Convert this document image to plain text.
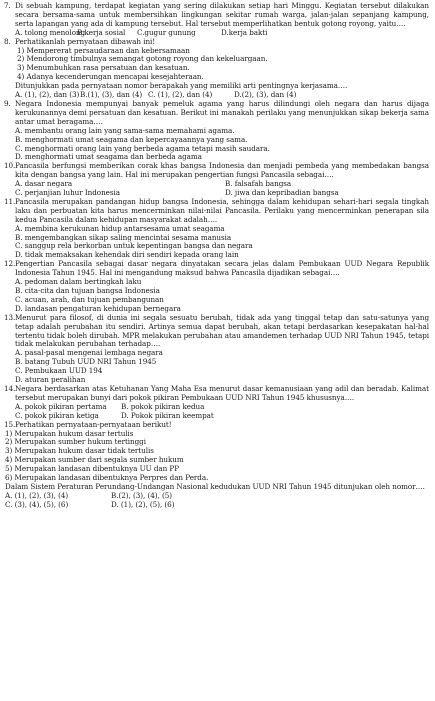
7. Di sebuah kampung, terdapat kegiatan yang sering dilakukan setiap hari Minggu. Kegiatan tersebut dilakukan secara bersama-sama untuk membersihkan lingkungan sekitar rumah warga, jalan-jalan sepanjang kampung, serta lapangan yang ada di kampung tersebut. Hal tersebut memperlihatkan bentuk gotong royong, yaitu….
A. tolong menolong
B.kerja sosial	C.gugur gunung	D.kerja bakti
8. Perhatikanlah pernyataan dibawah ini!
1) Mempererat persaudaraan dan kebersamaan
2) Mendorong timbulnya semangat gotong royong dan kekeluargaan.
3) Menumbuhkan rasa persatuan dan kesatuan.
4) Adanya kecenderungan mencapai kesejahteraan.
Ditunjukkan pada pernyataan nomor berapakah yang memiliki arti pentingnya kerjasama….
A. (1), (2), dan (3) B.(1), (3), dan (4) C. (1), (2), dan (4)	D.(2), (3), dan (4)
9. Negara Indonesia mempunyai banyak pemeluk agama yang harus dilindungi oleh negara dan harus dijaga kerukunannya demi persatuan dan kesatuan. Berikut ini manakah perilaku yang menunjukkan sikap bekerja sama antar umat beragama….
A. membantu orang lain yang sama-sama memahami agama.
B. menghormati umat seagama dan kepercayaannya yang sama.
C. menghormati orang lain yang berbeda agama tetapi masih saudara.
D. menghormati umat seagama dan berbeda agama
10. Pancasila berfungsi memberikan corak khas bangsa Indonesia dan menjadi pembeda yang membedakan bangsa kita dengan bangsa yang lain. Hal ini merupakan pengertian fungsi Pancasila sebagai….
A. dasar negara	B. falsafah bangsa
C. perjanjian luhur Indonesia	D. jiwa dan kepribadian bangsa
11. Pancasila merupakan pandangan hidup bangsa Indonesia, sehingga dalam kehidupan sehari-hari segala tingkah laku dan perbuatan kita harus mencerminkan nilai-nilai Pancasila. Perilaku yang mencerminkan penerapan sila kedua Pancasila dalam kehidupan masyarakat adalah….
A. membina kerukunan hidup antarsesama umat seagama
B. mengembangkan sikap saling mencintai sesama manusia
C. sanggup rela berkorban untuk kepentingan bangsa dan negara
D. tidak memaksakan kehendak diri sendiri kepada orang lain
12. Pengertian Pancasila sebagai dasar negara dinyatakan secara jelas dalam Pembukaan UUD Negara Republik Indonesia Tahun 1945. Hal ini mengandung maksud bahwa Pancasila dijadikan sebagai….
A. pedoman dalam bertingkah laku
B. cita-cita dan tujuan bangsa Indonesia
C. acuan, arah, dan tujuan pembangunan
D. landasan pengaturan kehidupan bernegara
13. Menurut para filosof, di dunia ini segala sesuatu berubah, tidak ada yang tinggal tetap dan satu-satunya yang tetap adalah perubahan itu sendiri. Artinya semua dapat berubah, akan tetapi berdasarkan kesepakatan hal-hal tertentu tidak boleh dirubah. MPR melakukan perubahan atau amandemen terhadap UUD NRI Tahun 1945, tetapi tidak melakukan perubahan terhadap….
A. pasal-pasal mengenai lembaga negara
B. batang Tubuh UUD NRI Tahun 1945
C. Pembukaan UUD 194
D. aturan peralihan
14. Negara berdasarkan atas Ketuhanan Yang Maha Esa menurut dasar kemanusiaan yang adil dan beradab. Kalimat tersebut merupakan bunyi dari pokok pikiran Pembukaan UUD NRI Tahun 1945 khususnya….
A. pokok pikiran pertama	B. pokok pikiran kedua
C. pokok pikiran ketiga	D. Pokok pikiran keempat
15. Perhatikan pernyataan-pernyataan berikut!
1) Merupakan hukum dasar tertulis
2) Merupakan sumber hukum tertinggi
3) Merupakan hukum dasar tidak tertulis
4) Merupakan sumber dari segala sumber hukum
5) Merupakan landasan dibentuknya UU dan PP
6) Merupakan landasan dibentuknya Perpres dan Perda.
Dalam Sistem Peraturan Perundang-Undangan Nasional kedudukan UUD NRI Tahun 1945 ditunjukan oleh nomor….
A. (1), (2), (3), (4)	B.(2), (3), (4), (5)
C. (3), (4), (5), (6)	D. (1), (2), (5), (6)
